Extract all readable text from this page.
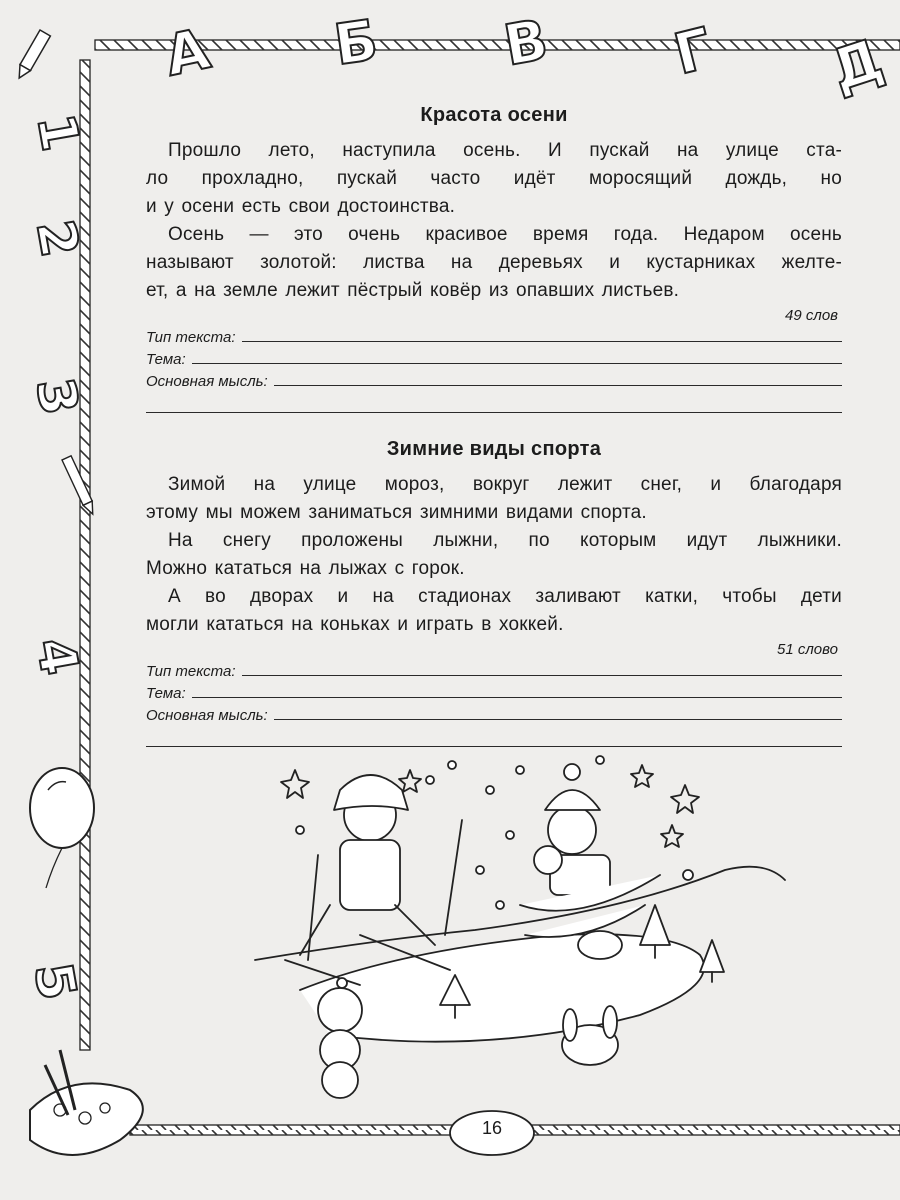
А Б В Г Д
1
2
3
4
5
Красота осени
Прошло лето, наступила осень. И пускай на улице ста-
ло прохладно, пускай часто идёт моросящий дождь, но
и у осени есть свои достоинства.
Осень — это очень красивое время года. Недаром осень
называют золотой: листва на деревьях и кустарниках желте-
ет, а на земле лежит пёстрый ковёр из опавших листьев.
49 слов
Тип текста:
Тема:
Основная мысль:
Зимние виды спорта
Зимой на улице мороз, вокруг лежит снег, и благодаря
этому мы можем заниматься зимними видами спорта.
На снегу проложены лыжни, по которым идут лыжники.
Можно кататься на лыжах с горок.
А во дворах и на стадионах заливают катки, чтобы дети
могли кататься на коньках и играть в хоккей.
51 слово
Тип текста:
Тема:
Основная мысль:
16
